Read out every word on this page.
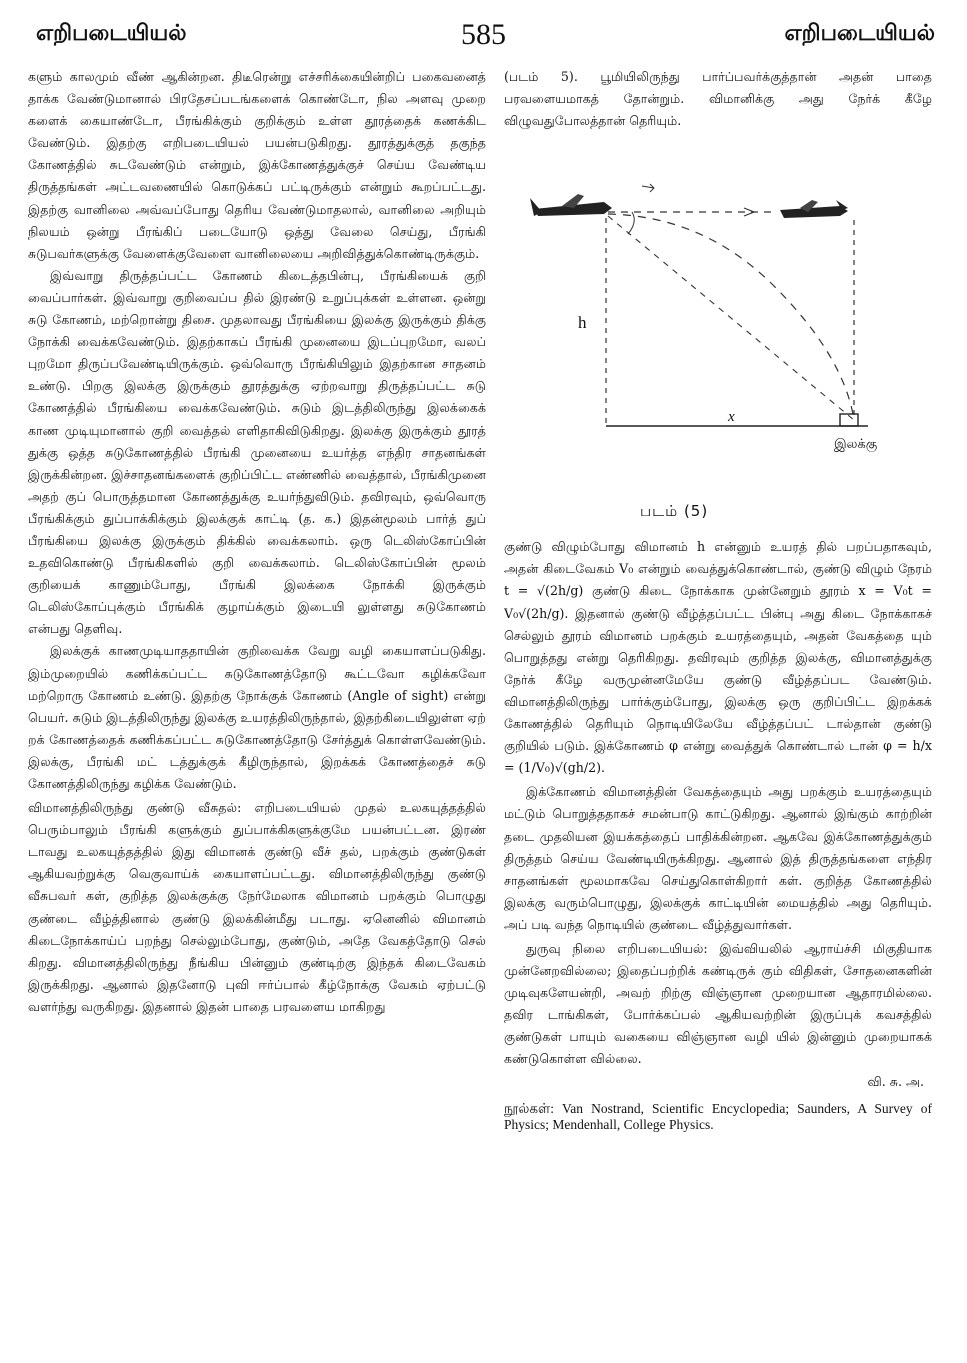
எறிபடையியல்	585	எறிபடையியல்

களும் காலமும் வீண் ஆகின்றன. திடீரென்று எச்சரிக்கையின்றிப் பகைவனைத் தாக்க வேண்டுமானால் பிரதேசப்படங்களைக் கொண்டோ, நில அளவு முறை களைக் கையாண்டோ, பீரங்கிக்கும் குறிக்கும் உள்ள தூரத்தைக் கணக்கிட வேண்டும். இதற்கு எறிபடையியல் பயன்படுகிறது. தூரத்துக்குத் தகுந்த கோணத்தில் சுடவேண்டும் என்றும், இக்கோணத்துக்குச் செய்ய வேண்டிய திருத்தங்கள் அட்டவணையில் கொடுக்கப் பட்டிருக்கும் என்றும் கூறப்பட்டது. இதற்கு வானிலை அவ்வப்போது தெரிய வேண்டுமாதலால், வானிலை அறியும் நிலயம் ஒன்று பீரங்கிப் படையோடு ஒத்து வேலை செய்து, பீரங்கி சுடுபவர்களுக்கு வேளைக்குவேளை வானிலையை அறிவித்துக்கொண்டிருக்கும்.

இவ்வாறு திருத்தப்பட்ட கோணம் கிடைத்தபின்பு, பீரங்கியைக் குறி வைப்பார்கள். இவ்வாறு குறிவைப்ப தில் இரண்டு உறுப்புக்கள் உள்ளன. ஒன்று சுடு கோணம், மற்றொன்று திசை. முதலாவது பீரங்கியை இலக்கு இருக்கும் திக்கு நோக்கி வைக்கவேண்டும். இதற்காகப் பீரங்கி முனையை இடப்புறமோ, வலப் புறமோ திருப்பவேண்டியிருக்கும். ஒவ்வொரு பீரங்கியிலும் இதற்கான சாதனம் உண்டு. பிறகு இலக்கு இருக்கும் தூரத்துக்கு ஏற்றவாறு திருத்தப்பட்ட சுடு கோணத்தில் பீரங்கியை வைக்கவேண்டும். சுடும் இடத்திலிருந்து இலக்கைக் காண முடியுமானால் குறி வைத்தல் எளிதாகிவிடுகிறது. இலக்கு இருக்கும் தூரத் துக்கு ஒத்த சுடுகோணத்தில் பீரங்கி முனையை உயர்த்த எந்திர சாதனங்கள் இருக்கின்றன. இச்சாதனங்களைக் குறிப்பிட்ட எண்ணில் வைத்தால், பீரங்கிமுனை அதற் குப் பொருத்தமான கோணத்துக்கு உயர்ந்துவிடும். தவிரவும், ஒவ்வொரு பீரங்கிக்கும் துப்பாக்கிக்கும் இலக்குக் காட்டி (த. க.) இதன்மூலம் பார்த் துப் பீரங்கியை இலக்கு இருக்கும் திக்கில் வைக்கலாம். ஒரு டெலிஸ்கோப்பின் உதவிகொண்டு பீரங்கிகளில் குறி வைக்கலாம். டெலிஸ்கோப்பின் மூலம் குறியைக் காணும்போது, பீரங்கி இலக்கை நோக்கி இருக்கும் டெலிஸ்கோப்புக்கும் பீரங்கிக் குழாய்க்கும் இடையி லுள்ளது சுடுகோணம் என்பது தெளிவு.

இலக்குக் காணமுடியாததாயின் குறிவைக்க வேறு வழி கையாளப்படுகிது. இம்முறையில் கணிக்கப்பட்ட சுடுகோணத்தோடு கூட்டவோ கழிக்கவோ மற்றொரு கோணம் உண்டு. இதற்கு நோக்குக் கோணம் (Angle of sight) என்று பெயர். சுடும் இடத்திலிருந்து இலக்கு உயரத்திலிருந்தால், இதற்கிடையிலுள்ள ஏற் றக் கோணத்தைக் கணிக்கப்பட்ட சுடுகோணத்தோடு சேர்த்துக் கொள்ளவேண்டும். இலக்கு, பீரங்கி மட் டத்துக்குக் கீழிருந்தால், இறக்கக் கோணத்தைச் சுடு கோணத்திலிருந்து கழிக்க வேண்டும்.

விமானத்திலிருந்து குண்டு வீசுதல்: எறிபடையியல் முதல் உலகயுத்தத்தில் பெரும்பாலும் பீரங்கி களுக்கும் துப்பாக்கிகளுக்குமே பயன்பட்டன. இரண் டாவது உலகயுத்தத்தில் இது விமானக் குண்டு வீச் தல், பறக்கும் குண்டுகள் ஆகியவற்றுக்கு வெகுவாய்க் கையாளப்பட்டது. விமானத்திலிருந்து குண்டு வீசுபவர் கள், குறித்த இலக்குக்கு நேர்மேலாக விமானம் பறக்கும் பொழுது குண்டை வீழ்த்தினால் குண்டு இலக்கின்மீது படாது. ஏனெனில் விமானம் கிடைநோக்காய்ப் பறந்து செல்லும்போது, குண்டும், அதே வேகத்தோடு செல் கிறது. விமானத்திலிருந்து நீங்கிய பின்னும் குண்டிற்கு இந்தக் கிடைவேகம் இருக்கிறது. ஆனால் இதனோடு புவி ஈர்ப்பால் கீழ்நோக்கு வேகம் ஏற்பட்டு வளர்ந்து வருகிறது. இதனால் இதன் பாதை பரவளைய மாகிறது

(படம் 5). பூமியிலிருந்து பார்ப்பவர்க்குத்தான் அதன் பாதை பரவளையமாகத் தோன்றும். விமானிக்கு அது நேர்க் கீழே விழுவதுபோலத்தான் தெரியும்.

h
x
இலக்கு
படம் (5)

குண்டு விழும்போது விமானம் h என்னும் உயரத் தில் பறப்பதாகவும், அதன் கிடைவேகம் V₀ என்றும் வைத்துக்கொண்டால், குண்டு விழும் நேரம் t = √(2h/g) குண்டு கிடை நோக்காக முன்னேறும் தூரம் x = V₀t = V₀√(2h/g). இதனால் குண்டு வீழ்த்தப்பட்ட பின்பு அது கிடை நோக்காகச் செல்லும் தூரம் விமானம் பறக்கும் உயரத்தையும், அதன் வேகத்தை யும் பொறுத்தது என்று தெரிகிறது. தவிரவும் குறித்த இலக்கு, விமானத்துக்கு நேர்க் கீழே வருமுன்னமேயே குண்டு வீழ்த்தப்பட வேண்டும். விமானத்திலிருந்து பார்க்கும்போது, இலக்கு ஒரு குறிப்பிட்ட இறக்கக் கோணத்தில் தெரியும் நொடியிலேயே வீழ்த்தப்பட் டால்தான் குண்டு குறியில் படும். இக்கோணம் φ என்று வைத்துக் கொண்டால் டான் φ = h/x = (1/V₀)√(gh/2).

இக்கோணம் விமானத்தின் வேகத்தையும் அது பறக்கும் உயரத்தையும் மட்டும் பொறுத்ததாகச் சமன்பாடு காட்டுகிறது. ஆனால் இங்கும் காற்றின் தடை முதலியன இயக்கத்தைப் பாதிக்கின்றன. ஆகவே இக்கோணத்துக்கும் திருத்தம் செய்ய வேண்டியிருக்கிறது. ஆனால் இத் திருத்தங்களை எந்திர சாதனங்கள் மூலமாகவே செய்துகொள்கிறார் கள். குறித்த கோணத்தில் இலக்கு வரும்பொழுது, இலக்குக் காட்டியின் மையத்தில் அது தெரியும். அப் படி வந்த நொடியில் குண்டை வீழ்த்துவார்கள்.

துருவு நிலை எறிபடையியல்: இவ்வியலில் ஆராய்ச்சி மிகுதியாக முன்னேறவில்லை; இதைப்பற்றிக் கண்டிருக் கும் விதிகள், சோதனைகளின் முடிவுகளேயன்றி, அவற் றிற்கு விஞ்ஞான முறையான ஆதாரமில்லை. தவிர டாங்கிகள், போர்க்கப்பல் ஆகியவற்றின் இருப்புக் கவசத்தில் குண்டுகள் பாயும் வகையை விஞ்ஞான வழி யில் இன்னும் முறையாகக் கண்டுகொள்ள வில்லை.

வி. சு. அ.

நூல்கள்: Van Nostrand, Scientific Encyclopedia; Saunders, A Survey of Physics; Mendenhall, College Physics.
